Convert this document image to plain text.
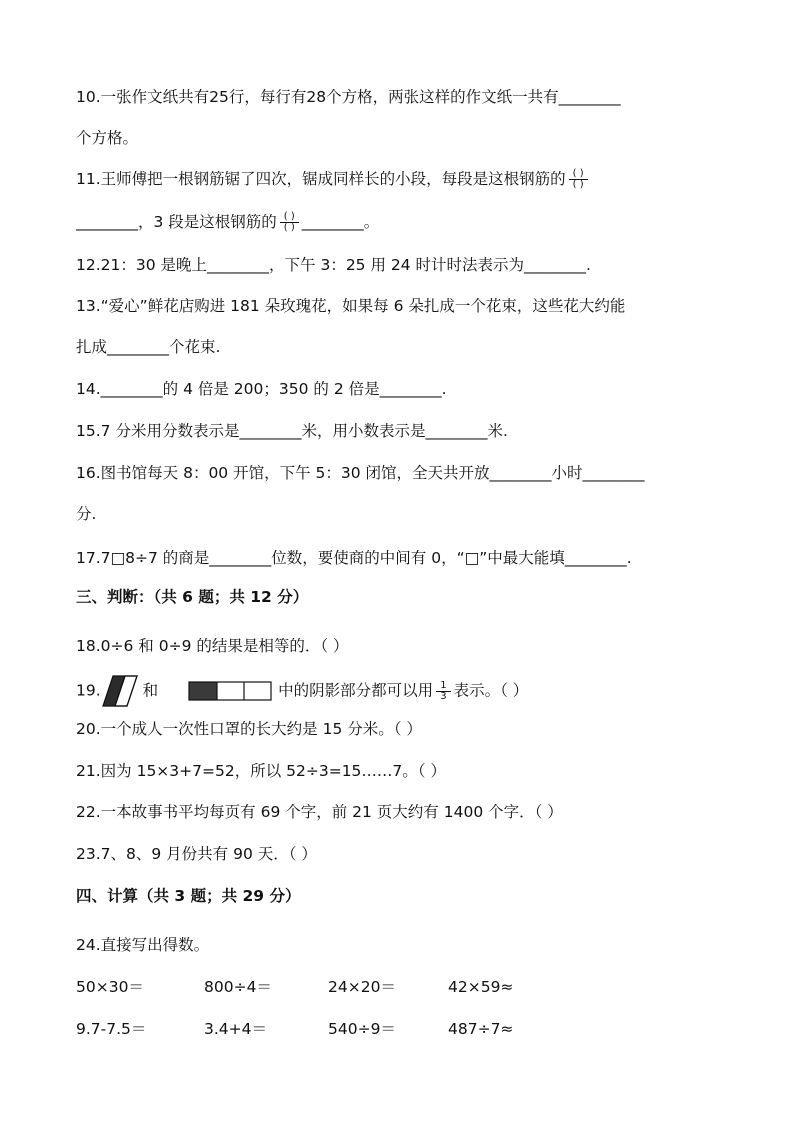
10.一张作文纸共有25行，每行有28个方格，两张这样的作文纸一共有________
个方格。
11.王师傅把一根钢筋锯了四次，锯成同样长的小段，每段是这根钢筋的 $\frac{( )}{( )}$
________，3 段是这根钢筋的 $\frac{( )}{( )}$ ________。
12.21：30 是晚上________，下午 3：25 用 24 时计时法表示为________.
13.“爱心”鲜花店购进 181 朵玫瑰花，如果每 6 朵扎成一个花束，这些花大约能
扎成________个花束.
14.________的 4 倍是 200；350 的 2 倍是________.
15.7 分米用分数表示是________米，用小数表示是________米.
16.图书馆每天 8：00 开馆，下午 5：30 闭馆，全天共开放________小时________
分.
17.7□8÷7 的商是________位数，要使商的中间有 0，“□”中最大能填________.
三、判断：（共 6 题；共 12 分）
18.0÷6 和 0÷9 的结果是相等的．（ ）
19.	和	中的阴影部分都可以用 $\frac{1}{3}$ 表示。（ ）
20.一个成人一次性口罩的长大约是 15 分米。（ ）
21.因为 15×3+7=52，所以 52÷3=15……7。（ ）
22.一本故事书平均每页有 69 个字，前 21 页大约有 1400 个字．（ ）
23.7、8、9 月份共有 90 天．（ ）
四、计算（共 3 题；共 29 分）
24.直接写出得数。
50×30＝	800÷4＝	24×20＝	42×59≈
9.7-7.5＝	3.4+4＝	540÷9＝	487÷7≈
